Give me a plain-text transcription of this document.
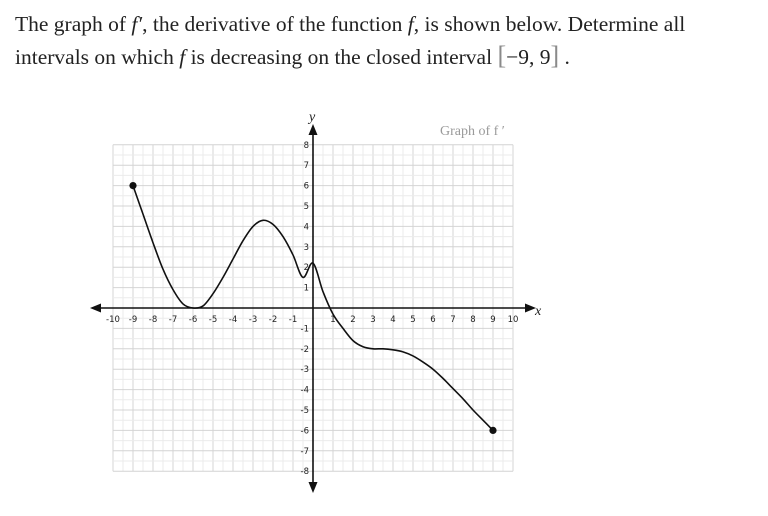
The graph of f′, the derivative of the function f, is shown below. Determine all intervals on which f is decreasing on the closed interval [−9, 9] .

x
y
Graph of f ′
-10 -9 -8 -7 -6 -5 -4 -3 -2 -1	1 2 3 4 5 6 7 8 9 10
8
7
6
5
4
3
2
1
-1
-2
-3
-4
-5
-6
-7
-8
